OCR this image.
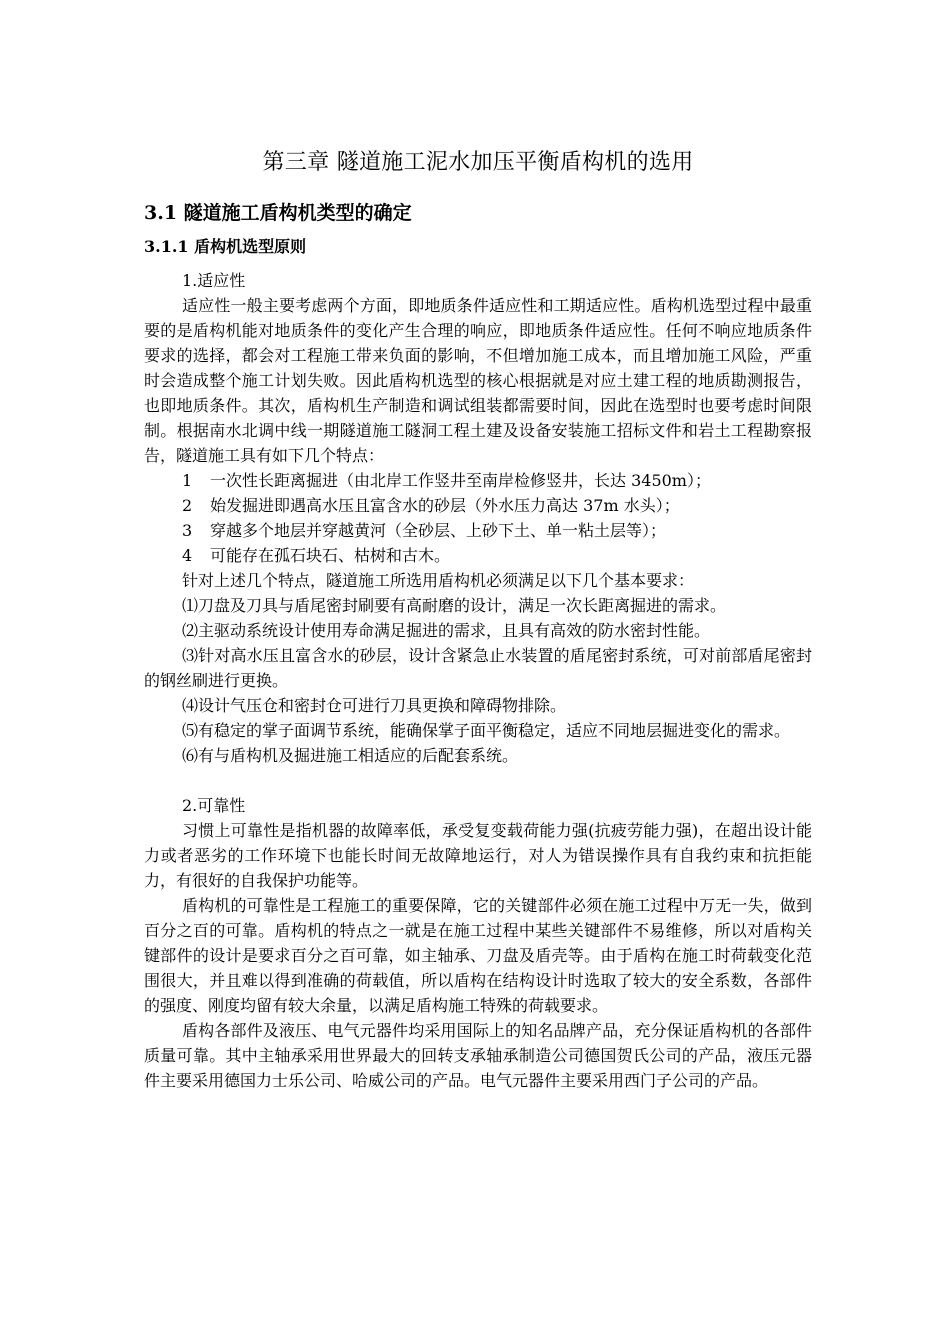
第三章 隧道施工泥水加压平衡盾构机的选用
3.1 隧道施工盾构机类型的确定
3.1.1 盾构机选型原则

1.适应性

适应性一般主要考虑两个方面，即地质条件适应性和工期适应性。盾构机选型过程中最重要的是盾构机能对地质条件的变化产生合理的响应，即地质条件适应性。任何不响应地质条件要求的选择，都会对工程施工带来负面的影响，不但增加施工成本，而且增加施工风险，严重时会造成整个施工计划失败。因此盾构机选型的核心根据就是对应土建工程的地质勘测报告，也即地质条件。其次，盾构机生产制造和调试组装都需要时间，因此在选型时也要考虑时间限制。根据南水北调中线一期隧道施工隧洞工程土建及设备安装施工招标文件和岩土工程勘察报告，隧道施工具有如下几个特点：

1	一次性长距离掘进（由北岸工作竖井至南岸检修竖井，长达 3450m）；
2	始发掘进即遇高水压且富含水的砂层（外水压力高达 37m 水头）；
3	穿越多个地层并穿越黄河（全砂层、上砂下土、单一粘土层等）；
4	可能存在孤石块石、枯树和古木。

针对上述几个特点，隧道施工所选用盾构机必须满足以下几个基本要求：

⑴刀盘及刀具与盾尾密封刷要有高耐磨的设计，满足一次长距离掘进的需求。

⑵主驱动系统设计使用寿命满足掘进的需求，且具有高效的防水密封性能。

⑶针对高水压且富含水的砂层，设计含紧急止水装置的盾尾密封系统，可对前部盾尾密封的钢丝刷进行更换。

⑷设计气压仓和密封仓可进行刀具更换和障碍物排除。

⑸有稳定的掌子面调节系统，能确保掌子面平衡稳定，适应不同地层掘进变化的需求。

⑹有与盾构机及掘进施工相适应的后配套系统。

2.可靠性

习惯上可靠性是指机器的故障率低，承受复变载荷能力强(抗疲劳能力强)，在超出设计能力或者恶劣的工作环境下也能长时间无故障地运行，对人为错误操作具有自我约束和抗拒能力，有很好的自我保护功能等。

盾构机的可靠性是工程施工的重要保障，它的关键部件必须在施工过程中万无一失，做到百分之百的可靠。盾构机的特点之一就是在施工过程中某些关键部件不易维修，所以对盾构关键部件的设计是要求百分之百可靠，如主轴承、刀盘及盾壳等。由于盾构在施工时荷载变化范围很大，并且难以得到准确的荷载值，所以盾构在结构设计时选取了较大的安全系数，各部件的强度、刚度均留有较大余量，以满足盾构施工特殊的荷载要求。

盾构各部件及液压、电气元器件均采用国际上的知名品牌产品，充分保证盾构机的各部件质量可靠。其中主轴承采用世界最大的回转支承轴承制造公司德国贺氏公司的产品，液压元器件主要采用德国力士乐公司、哈威公司的产品。电气元器件主要采用西门子公司的产品。
